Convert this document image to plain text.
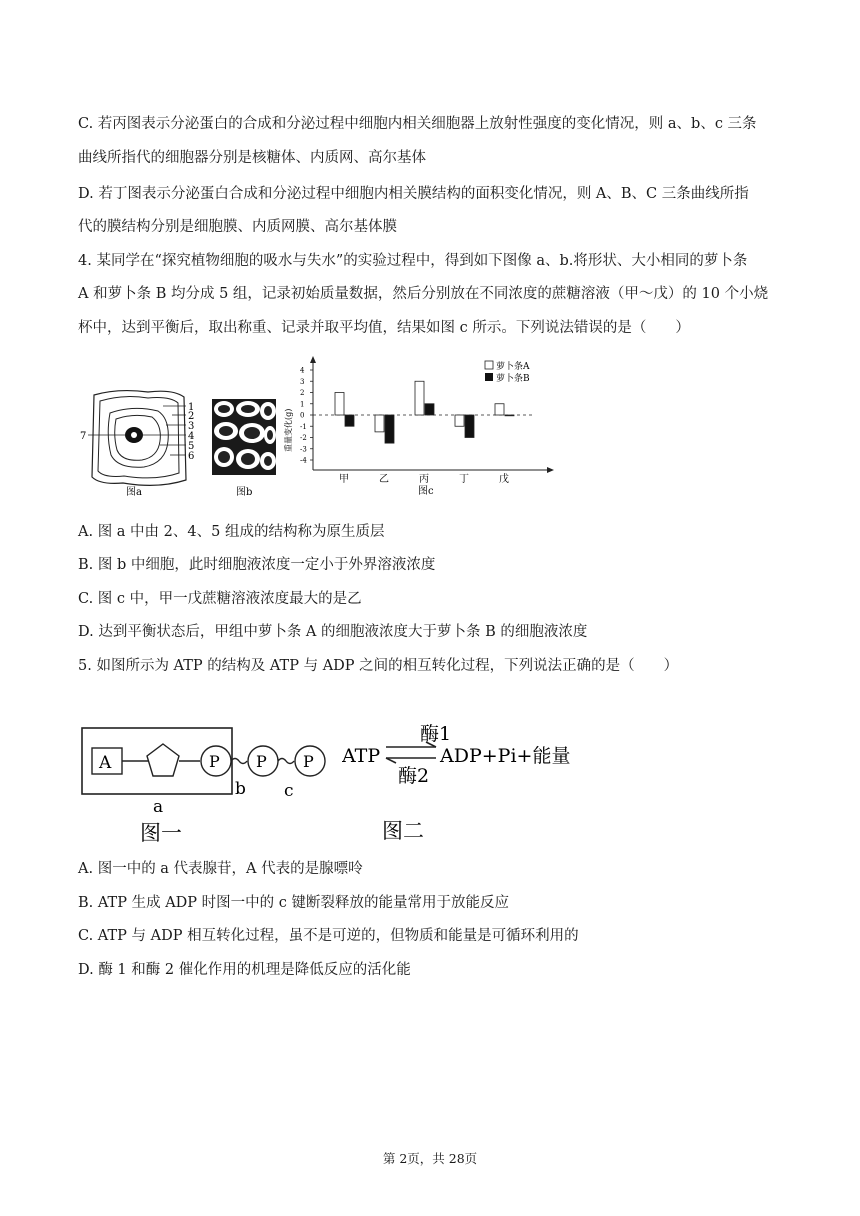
C. 若丙图表示分泌蛋白的合成和分泌过程中细胞内相关细胞器上放射性强度的变化情况，则 a、b、c 三条
曲线所指代的细胞器分别是核糖体、内质网、高尔基体
D. 若丁图表示分泌蛋白合成和分泌过程中细胞内相关膜结构的面积变化情况，则 A、B、C 三条曲线所指
代的膜结构分别是细胞膜、内质网膜、高尔基体膜
4. 某同学在“探究植物细胞的吸水与失水”的实验过程中，得到如下图像 a、b.将形状、大小相同的萝卜条
A 和萝卜条 B 均分成 5 组，记录初始质量数据，然后分别放在不同浓度的蔗糖溶液（甲～戊）的 10 个小烧
杯中，达到平衡后，取出称重、记录并取平均值，结果如图 c 所示。下列说法错误的是（　　）
1
2
3
4
5
6
7
图a	图b
重量变化(g)
4
3
2
1
0
-1
-2
-3
-4
甲	乙	丙	丁	戊
萝卜条A
萝卜条B
图c
A. 图 a 中由 2、4、5 组成的结构称为原生质层
B. 图 b 中细胞，此时细胞液浓度一定小于外界溶液浓度
C. 图 c 中，甲一戊蔗糖溶液浓度最大的是乙
D. 达到平衡状态后，甲组中萝卜条 A 的细胞液浓度大于萝卜条 B 的细胞液浓度
5. 如图所示为 ATP 的结构及 ATP 与 ADP 之间的相互转化过程，下列说法正确的是（　　）
A	P P P
a
b c
图一
酶1
ATP	ADP+Pi+能量
酶2
图二
A. 图一中的 a 代表腺苷，A 代表的是腺嘌呤
B. ATP 生成 ADP 时图一中的 c 键断裂释放的能量常用于放能反应
C. ATP 与 ADP 相互转化过程，虽不是可逆的，但物质和能量是可循环利用的
D. 酶 1 和酶 2 催化作用的机理是降低反应的活化能
第 2页，共 28页
